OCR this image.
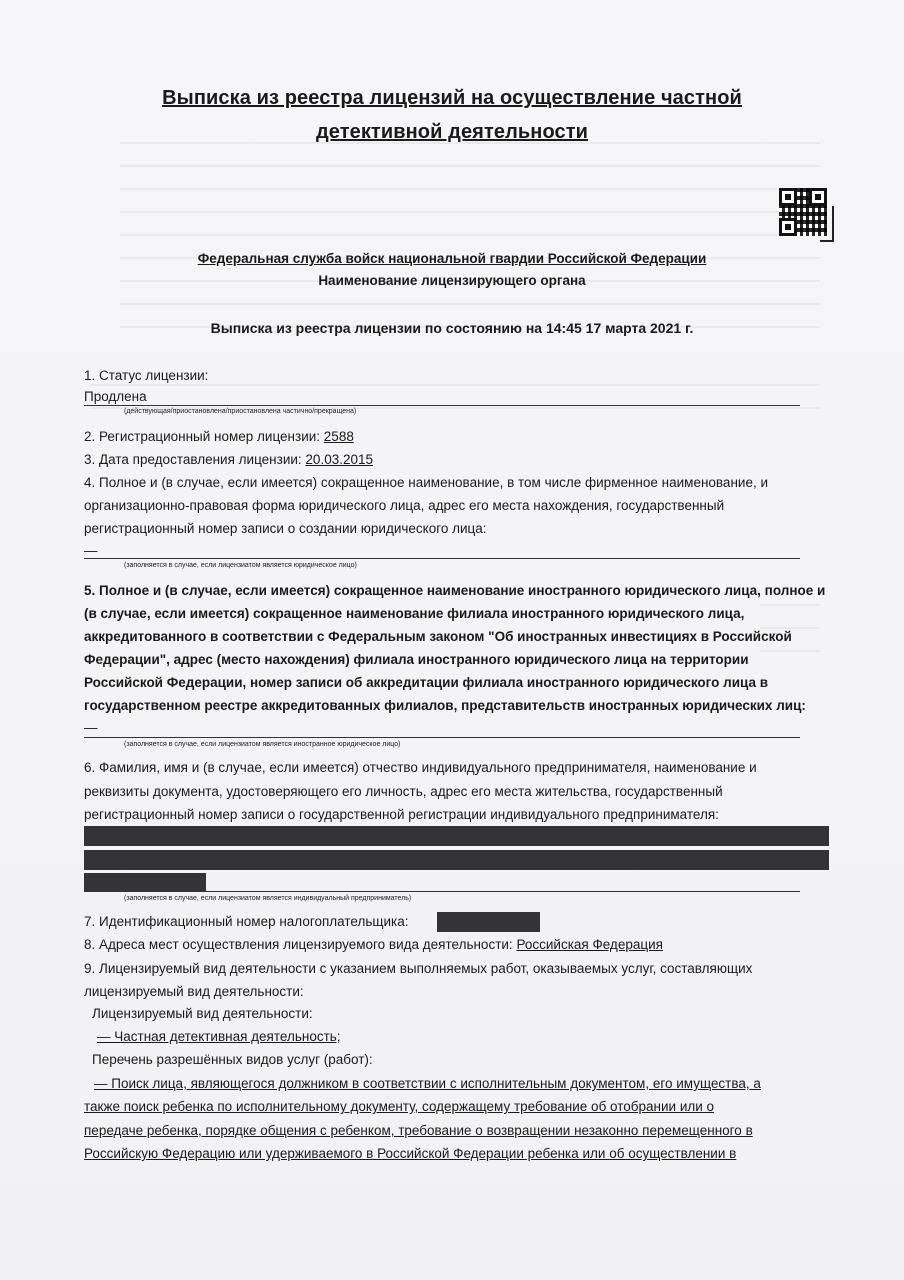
Выписка из реестра лицензий на осуществление частной
детективной деятельности
Федеральная служба войск национальной гвардии Российской Федерации
Наименование лицензирующего органа
Выписка из реестра лицензии по состоянию на 14:45 17 марта 2021 г.
1. Статус лицензии:
Продлена
(действующая/приостановлена/приостановлена частично/прекращена)
2. Регистрационный номер лицензии: 2588
3. Дата предоставления лицензии: 20.03.2015
4. Полное и (в случае, если имеется) сокращенное наименование, в том числе фирменное наименование, и
организационно-правовая форма юридического лица, адрес его места нахождения, государственный
регистрационный номер записи о создании юридического лица:
—
(заполняется в случае, если лицензиатом является юридическое лицо)
5. Полное и (в случае, если имеется) сокращенное наименование иностранного юридического лица, полное и
(в случае, если имеется) сокращенное наименование филиала иностранного юридического лица,
аккредитованного в соответствии с Федеральным законом "Об иностранных инвестициях в Российской
Федерации", адрес (место нахождения) филиала иностранного юридического лица на территории
Российской Федерации, номер записи об аккредитации филиала иностранного юридического лица в
государственном реестре аккредитованных филиалов, представительств иностранных юридических лиц:
—
(заполняется в случае, если лицензиатом является иностранное юридическое лицо)
6. Фамилия, имя и (в случае, если имеется) отчество индивидуального предпринимателя, наименование и
реквизиты документа, удостоверяющего его личность, адрес его места жительства, государственный
регистрационный номер записи о государственной регистрации индивидуального предпринимателя:
(заполняется в случае, если лицензиатом является индивидуальный предприниматель)
7. Идентификационный номер налогоплательщика:
8. Адреса мест осуществления лицензируемого вида деятельности: Российская Федерация
9. Лицензируемый вид деятельности с указанием выполняемых работ, оказываемых услуг, составляющих
лицензируемый вид деятельности:
Лицензируемый вид деятельности:
— Частная детективная деятельность;
Перечень разрешённых видов услуг (работ):
— Поиск лица, являющегося должником в соответствии с исполнительным документом, его имущества, а
также поиск ребенка по исполнительному документу, содержащему требование об отобрании или о
передаче ребенка, порядке общения с ребенком, требование о возвращении незаконно перемещенного в
Российскую Федерацию или удерживаемого в Российской Федерации ребенка или об осуществлении в
